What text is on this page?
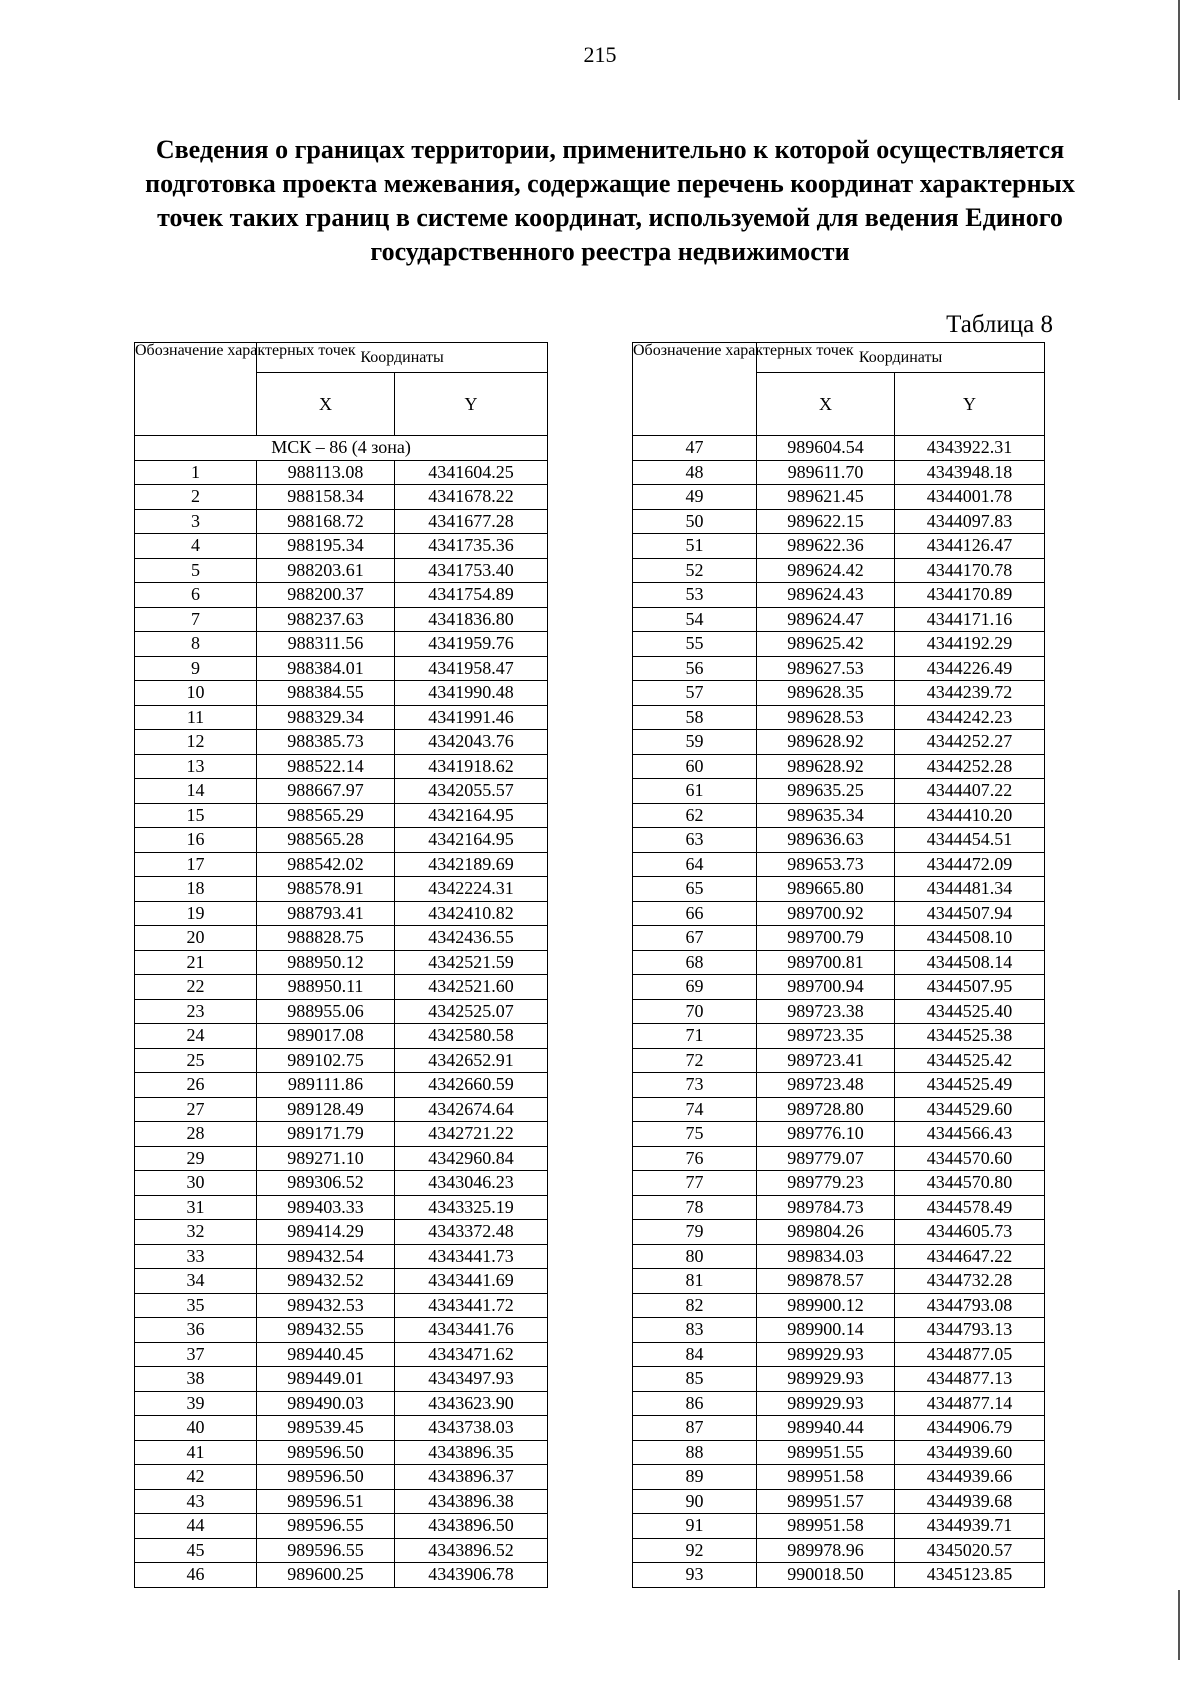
215
Сведения о границах территории, применительно к которой осуществляется подготовка проекта межевания, содержащие перечень координат характерных точек таких границ в системе координат, используемой для ведения Единого государственного реестра недвижимости
Таблица 8
Обозначение характерных точек	Координаты	
	X	Y
МСК – 86 (4 зона)		
1	988113.08	4341604.25
2	988158.34	4341678.22
3	988168.72	4341677.28
4	988195.34	4341735.36
5	988203.61	4341753.40
6	988200.37	4341754.89
7	988237.63	4341836.80
8	988311.56	4341959.76
9	988384.01	4341958.47
10	988384.55	4341990.48
11	988329.34	4341991.46
12	988385.73	4342043.76
13	988522.14	4341918.62
14	988667.97	4342055.57
15	988565.29	4342164.95
16	988565.28	4342164.95
17	988542.02	4342189.69
18	988578.91	4342224.31
19	988793.41	4342410.82
20	988828.75	4342436.55
21	988950.12	4342521.59
22	988950.11	4342521.60
23	988955.06	4342525.07
24	989017.08	4342580.58
25	989102.75	4342652.91
26	989111.86	4342660.59
27	989128.49	4342674.64
28	989171.79	4342721.22
29	989271.10	4342960.84
30	989306.52	4343046.23
31	989403.33	4343325.19
32	989414.29	4343372.48
33	989432.54	4343441.73
34	989432.52	4343441.69
35	989432.53	4343441.72
36	989432.55	4343441.76
37	989440.45	4343471.62
38	989449.01	4343497.93
39	989490.03	4343623.90
40	989539.45	4343738.03
41	989596.50	4343896.35
42	989596.50	4343896.37
43	989596.51	4343896.38
44	989596.55	4343896.50
45	989596.55	4343896.52
46	989600.25	4343906.78
Обозначение характерных точек	Координаты	
	X	Y
47	989604.54	4343922.31
48	989611.70	4343948.18
49	989621.45	4344001.78
50	989622.15	4344097.83
51	989622.36	4344126.47
52	989624.42	4344170.78
53	989624.43	4344170.89
54	989624.47	4344171.16
55	989625.42	4344192.29
56	989627.53	4344226.49
57	989628.35	4344239.72
58	989628.53	4344242.23
59	989628.92	4344252.27
60	989628.92	4344252.28
61	989635.25	4344407.22
62	989635.34	4344410.20
63	989636.63	4344454.51
64	989653.73	4344472.09
65	989665.80	4344481.34
66	989700.92	4344507.94
67	989700.79	4344508.10
68	989700.81	4344508.14
69	989700.94	4344507.95
70	989723.38	4344525.40
71	989723.35	4344525.38
72	989723.41	4344525.42
73	989723.48	4344525.49
74	989728.80	4344529.60
75	989776.10	4344566.43
76	989779.07	4344570.60
77	989779.23	4344570.80
78	989784.73	4344578.49
79	989804.26	4344605.73
80	989834.03	4344647.22
81	989878.57	4344732.28
82	989900.12	4344793.08
83	989900.14	4344793.13
84	989929.93	4344877.05
85	989929.93	4344877.13
86	989929.93	4344877.14
87	989940.44	4344906.79
88	989951.55	4344939.60
89	989951.58	4344939.66
90	989951.57	4344939.68
91	989951.58	4344939.71
92	989978.96	4345020.57
93	990018.50	4345123.85
